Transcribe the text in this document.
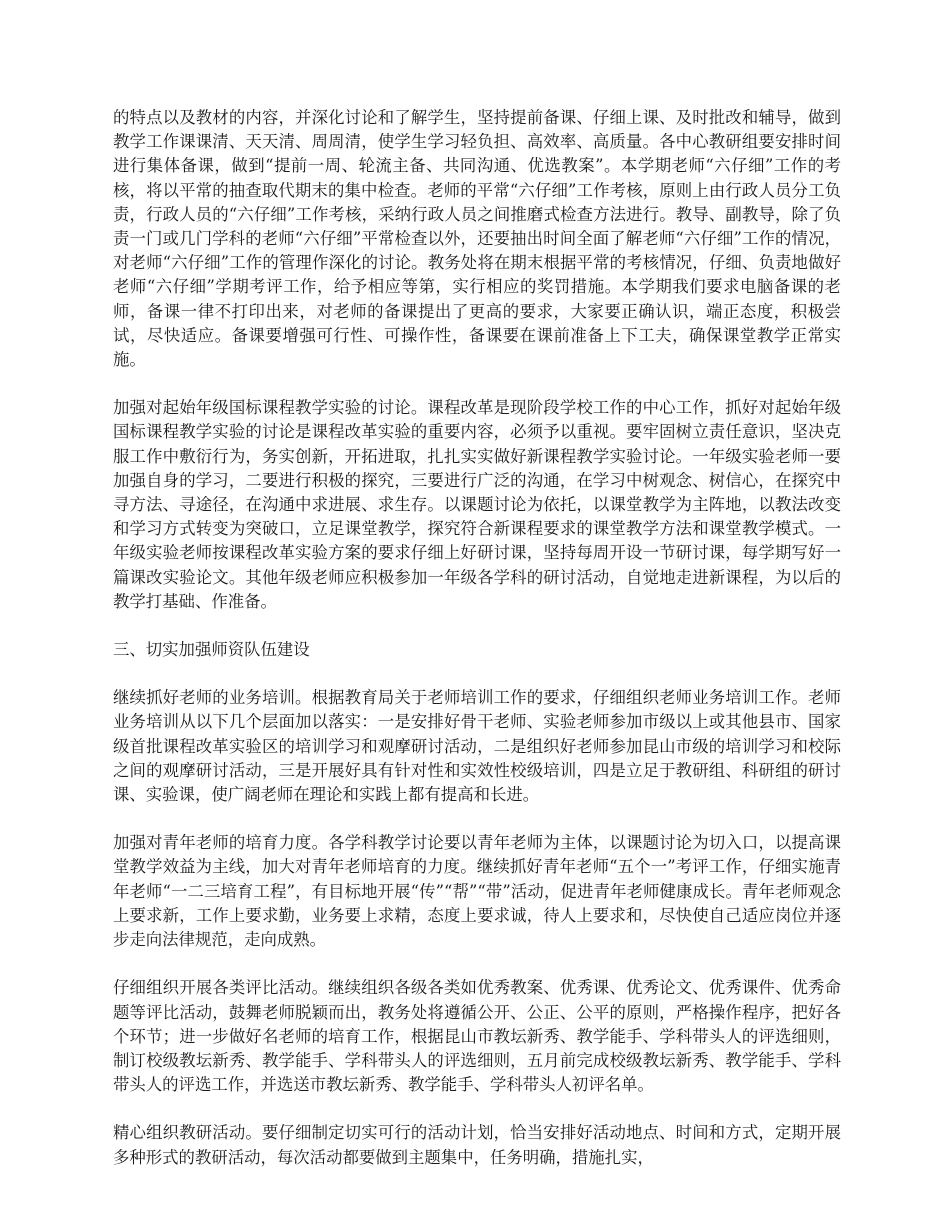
的特点以及教材的内容，并深化讨论和了解学生，坚持提前备课、仔细上课、及时批改和辅导，做到教学工作课课清、天天清、周周清，使学生学习轻负担、高效率、高质量。各中心教研组要安排时间进行集体备课，做到“提前一周、轮流主备、共同沟通、优选教案”。本学期老师“六仔细”工作的考核，将以平常的抽查取代期末的集中检查。老师的平常“六仔细”工作考核，原则上由行政人员分工负责，行政人员的“六仔细”工作考核，采纳行政人员之间推磨式检查方法进行。教导、副教导，除了负责一门或几门学科的老师“六仔细”平常检查以外，还要抽出时间全面了解老师“六仔细”工作的情况，对老师“六仔细”工作的管理作深化的讨论。教务处将在期末根据平常的考核情况，仔细、负责地做好老师“六仔细”学期考评工作，给予相应等第，实行相应的奖罚措施。本学期我们要求电脑备课的老师，备课一律不打印出来，对老师的备课提出了更高的要求，大家要正确认识，端正态度，积极尝试，尽快适应。备课要增强可行性、可操作性，备课要在课前准备上下工夫，确保课堂教学正常实施。

加强对起始年级国标课程教学实验的讨论。课程改革是现阶段学校工作的中心工作，抓好对起始年级国标课程教学实验的讨论是课程改革实验的重要内容，必须予以重视。要牢固树立责任意识，坚决克服工作中敷衍行为，务实创新，开拓进取，扎扎实实做好新课程教学实验讨论。一年级实验老师一要加强自身的学习，二要进行积极的探究，三要进行广泛的沟通，在学习中树观念、树信心，在探究中寻方法、寻途径，在沟通中求进展、求生存。以课题讨论为依托，以课堂教学为主阵地，以教法改变和学习方式转变为突破口，立足课堂教学，探究符合新课程要求的课堂教学方法和课堂教学模式。一年级实验老师按课程改革实验方案的要求仔细上好研讨课，坚持每周开设一节研讨课，每学期写好一篇课改实验论文。其他年级老师应积极参加一年级各学科的研讨活动，自觉地走进新课程，为以后的教学打基础、作准备。

三、切实加强师资队伍建设

继续抓好老师的业务培训。根据教育局关于老师培训工作的要求，仔细组织老师业务培训工作。老师业务培训从以下几个层面加以落实：一是安排好骨干老师、实验老师参加市级以上或其他县市、国家级首批课程改革实验区的培训学习和观摩研讨活动，二是组织好老师参加昆山市级的培训学习和校际之间的观摩研讨活动，三是开展好具有针对性和实效性校级培训，四是立足于教研组、科研组的研讨课、实验课，使广阔老师在理论和实践上都有提高和长进。

加强对青年老师的培育力度。各学科教学讨论要以青年老师为主体，以课题讨论为切入口，以提高课堂教学效益为主线，加大对青年老师培育的力度。继续抓好青年老师“五个一”考评工作，仔细实施青年老师“一二三培育工程”，有目标地开展“传”“帮”“带”活动，促进青年老师健康成长。青年老师观念上要求新，工作上要求勤，业务要上求精，态度上要求诚，待人上要求和，尽快使自己适应岗位并逐步走向法律规范，走向成熟。

仔细组织开展各类评比活动。继续组织各级各类如优秀教案、优秀课、优秀论文、优秀课件、优秀命题等评比活动，鼓舞老师脱颖而出，教务处将遵循公开、公正、公平的原则，严格操作程序，把好各个环节；进一步做好名老师的培育工作，根据昆山市教坛新秀、教学能手、学科带头人的评选细则，制订校级教坛新秀、教学能手、学科带头人的评选细则，五月前完成校级教坛新秀、教学能手、学科带头人的评选工作，并选送市教坛新秀、教学能手、学科带头人初评名单。

精心组织教研活动。要仔细制定切实可行的活动计划，恰当安排好活动地点、时间和方式，定期开展多种形式的教研活动，每次活动都要做到主题集中，任务明确，措施扎实，
